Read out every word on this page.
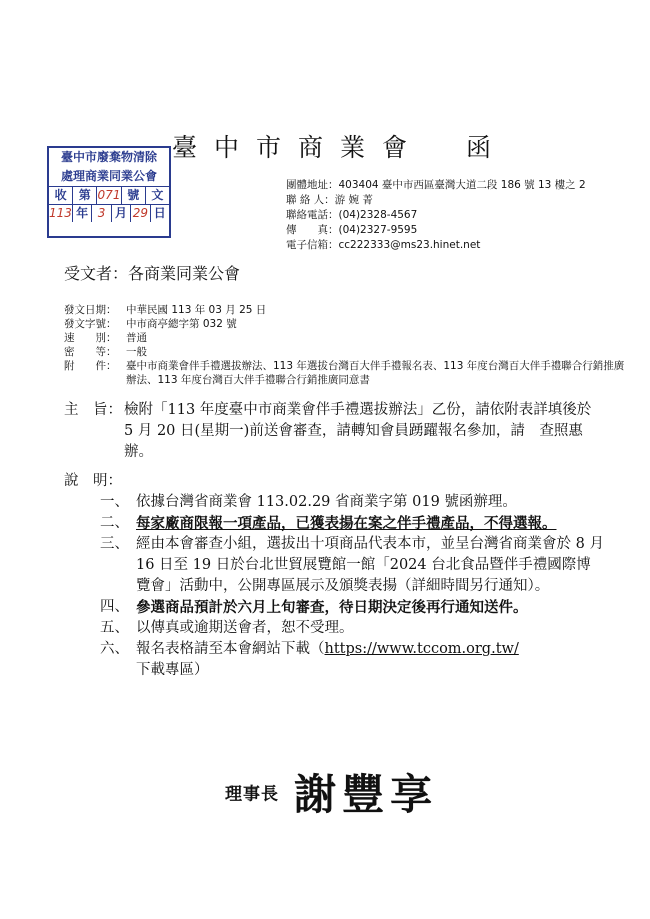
臺中市商業會　函
臺中市廢棄物清除
處理商業同業公會
收	第 071 號	文
113 年 3 月 29 日
團體地址：403404 臺中市西區臺灣大道二段 186 號 13 樓之 2
聯 絡 人：游 婉 菁
聯絡電話：(04)2328-4567
傳　　真：(04)2327-9595
電子信箱：cc222333@ms23.hinet.net
受文者：各商業同業公會
發文日期： 中華民國 113 年 03 月 25 日
發文字號： 中市商亭總字第 032 號
速　　別： 普通
密　　等： 一般
附　　件： 臺中市商業會伴手禮選拔辦法、113 年選拔台灣百大伴手禮報名表、113 年度台灣百大伴手禮聯合行銷推廣辦法、113 年度台灣百大伴手禮聯合行銷推廣同意書
主　旨： 檢附「113 年度臺中市商業會伴手禮選拔辦法」乙份，請依附表詳填後於 5 月 20 日(星期一)前送會審查，請轉知會員踴躍報名參加，請　查照惠辦。
說　明：
一、 依據台灣省商業會 113.02.29 省商業字第 019 號函辦理。
二、 每家廠商限報一項產品，已獲表揚在案之伴手禮產品，不得選報。
三、 經由本會審查小組，選拔出十項商品代表本市，並呈台灣省商業會於 8 月 16 日至 19 日於台北世貿展覽館一館「2024 台北食品暨伴手禮國際博覽會」活動中，公開專區展示及頒獎表揚（詳細時間另行通知）。
四、 參選商品預計於六月上旬審查，待日期決定後再行通知送件。
五、 以傳真或逾期送會者，恕不受理。
六、 報名表格請至本會網站下載（https://www.tccom.org.tw/
下載專區）
理事長 謝豐享
